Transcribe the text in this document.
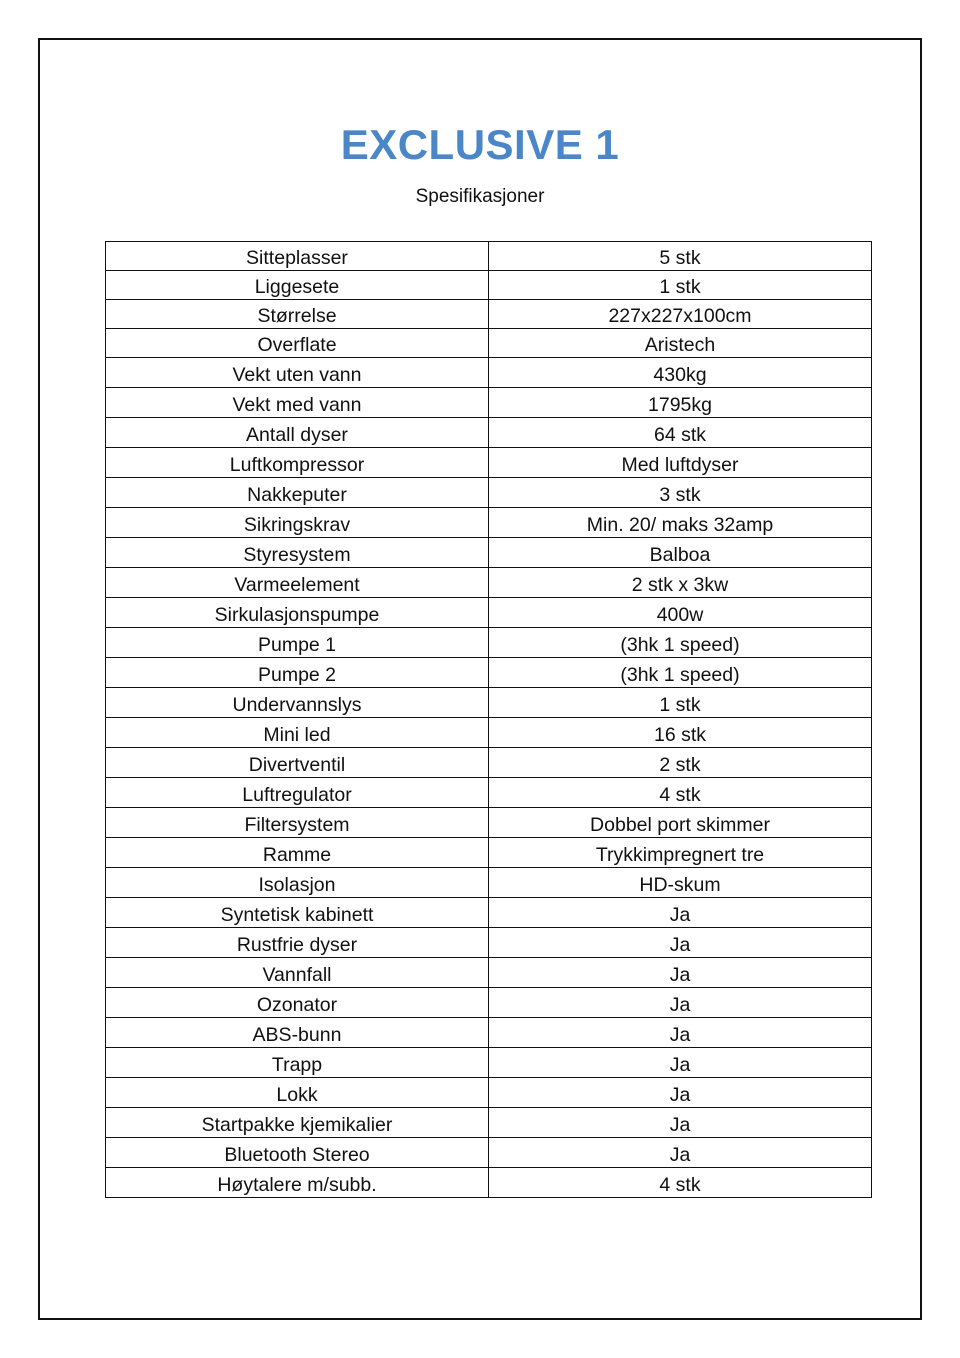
EXCLUSIVE 1
Spesifikasjoner
Sitteplasser	5 stk
Liggesete	1 stk
Størrelse	227x227x100cm
Overflate	Aristech
Vekt uten vann	430kg
Vekt med vann	1795kg
Antall dyser	64 stk
Luftkompressor	Med luftdyser
Nakkeputer	3 stk
Sikringskrav	Min. 20/ maks 32amp
Styresystem	Balboa
Varmeelement	2 stk x 3kw
Sirkulasjonspumpe	400w
Pumpe 1	(3hk 1 speed)
Pumpe 2	(3hk 1 speed)
Undervannslys	1 stk
Mini led	16 stk
Divertventil	2 stk
Luftregulator	4 stk
Filtersystem	Dobbel port skimmer
Ramme	Trykkimpregnert tre
Isolasjon	HD-skum
Syntetisk kabinett	Ja
Rustfrie dyser	Ja
Vannfall	Ja
Ozonator	Ja
ABS-bunn	Ja
Trapp	Ja
Lokk	Ja
Startpakke kjemikalier	Ja
Bluetooth Stereo	Ja
Høytalere m/subb.	4 stk
